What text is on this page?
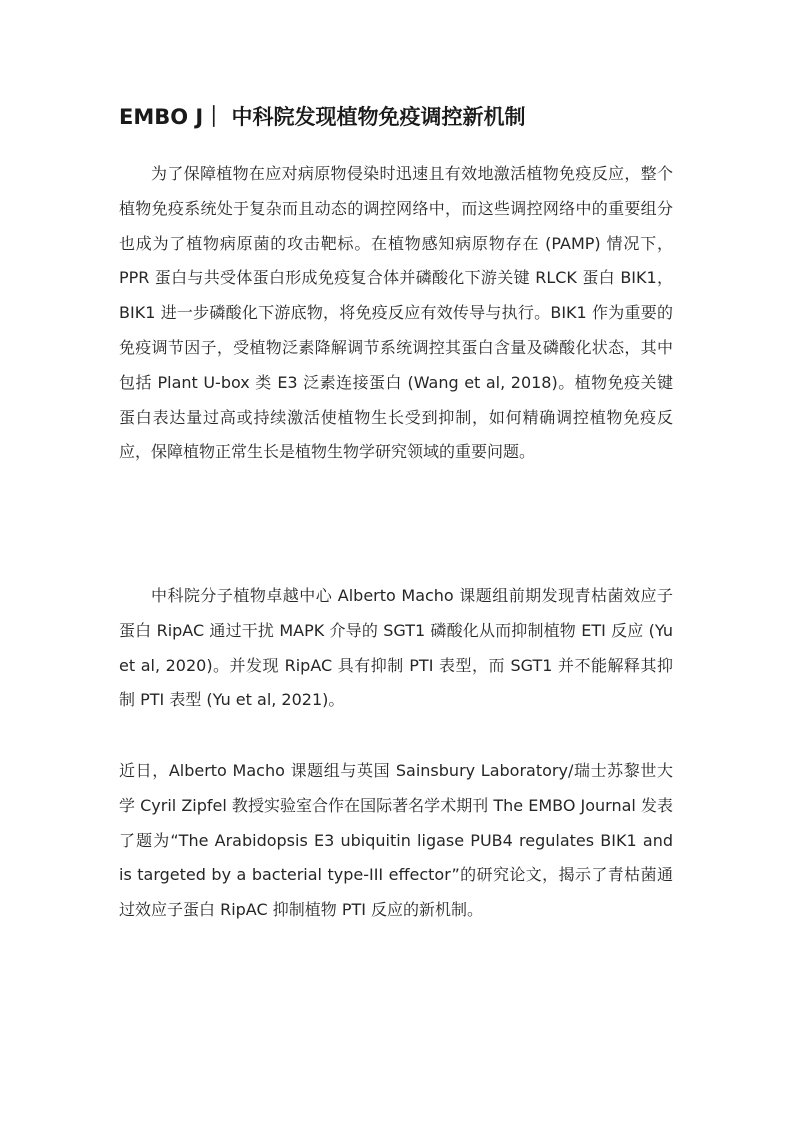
EMBO J｜ 中科院发现植物免疫调控新机制

为了保障植物在应对病原物侵染时迅速且有效地激活植物免疫反应，整个植物免疫系统处于复杂而且动态的调控网络中，而这些调控网络中的重要组分也成为了植物病原菌的攻击靶标。在植物感知病原物存在 (PAMP) 情况下，PPR 蛋白与共受体蛋白形成免疫复合体并磷酸化下游关键 RLCK 蛋白 BIK1，BIK1 进一步磷酸化下游底物，将免疫反应有效传导与执行。BIK1 作为重要的免疫调节因子，受植物泛素降解调节系统调控其蛋白含量及磷酸化状态，其中包括 Plant U-box 类 E3 泛素连接蛋白 (Wang et al, 2018)。植物免疫关键蛋白表达量过高或持续激活使植物生长受到抑制，如何精确调控植物免疫反应，保障植物正常生长是植物生物学研究领域的重要问题。

中科院分子植物卓越中心 Alberto Macho 课题组前期发现青枯菌效应子蛋白 RipAC 通过干扰 MAPK 介导的 SGT1 磷酸化从而抑制植物 ETI 反应 (Yu et al, 2020)。并发现 RipAC 具有抑制 PTI 表型，而 SGT1 并不能解释其抑制 PTI 表型 (Yu et al, 2021)。

近日，Alberto Macho 课题组与英国 Sainsbury Laboratory/瑞士苏黎世大学 Cyril Zipfel 教授实验室合作在国际著名学术期刊 The EMBO Journal 发表了题为“The Arabidopsis E3 ubiquitin ligase PUB4 regulates BIK1 and is targeted by a bacterial type-III effector”的研究论文，揭示了青枯菌通过效应子蛋白 RipAC 抑制植物 PTI 反应的新机制。
